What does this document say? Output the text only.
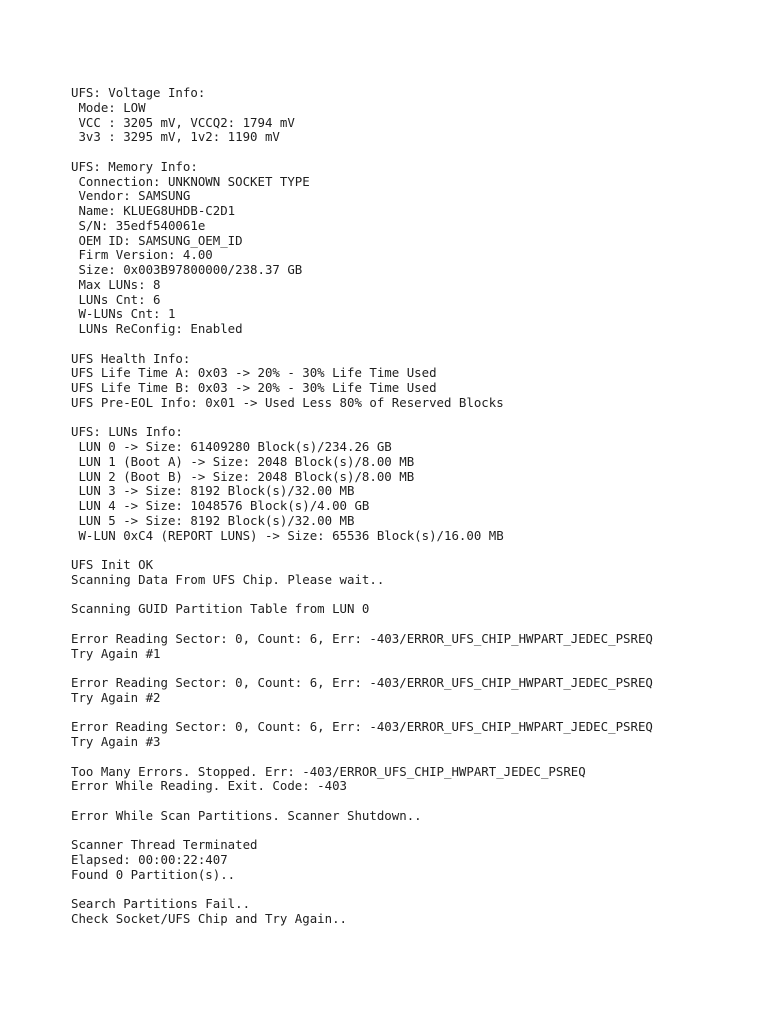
UFS: Voltage Info:
Mode: LOW
VCC : 3205 mV, VCCQ2: 1794 mV
3v3 : 3295 mV, 1v2: 1190 mV
UFS: Memory Info:
Connection: UNKNOWN SOCKET TYPE
Vendor: SAMSUNG
Name: KLUEG8UHDB-C2D1
S/N: 35edf540061e
OEM ID: SAMSUNG_OEM_ID
Firm Version: 4.00
Size: 0x003B97800000/238.37 GB
Max LUNs: 8
LUNs Cnt: 6
W-LUNs Cnt: 1
LUNs ReConfig: Enabled
UFS Health Info:
UFS Life Time A: 0x03 -> 20% - 30% Life Time Used
UFS Life Time B: 0x03 -> 20% - 30% Life Time Used
UFS Pre-EOL Info: 0x01 -> Used Less 80% of Reserved Blocks
UFS: LUNs Info:
LUN 0 -> Size: 61409280 Block(s)/234.26 GB
LUN 1 (Boot A) -> Size: 2048 Block(s)/8.00 MB
LUN 2 (Boot B) -> Size: 2048 Block(s)/8.00 MB
LUN 3 -> Size: 8192 Block(s)/32.00 MB
LUN 4 -> Size: 1048576 Block(s)/4.00 GB
LUN 5 -> Size: 8192 Block(s)/32.00 MB
W-LUN 0xC4 (REPORT LUNS) -> Size: 65536 Block(s)/16.00 MB
UFS Init OK
Scanning Data From UFS Chip. Please wait..
Scanning GUID Partition Table from LUN 0
Error Reading Sector: 0, Count: 6, Err: -403/ERROR_UFS_CHIP_HWPART_JEDEC_PSREQ
Try Again #1
Error Reading Sector: 0, Count: 6, Err: -403/ERROR_UFS_CHIP_HWPART_JEDEC_PSREQ
Try Again #2
Error Reading Sector: 0, Count: 6, Err: -403/ERROR_UFS_CHIP_HWPART_JEDEC_PSREQ
Try Again #3
Too Many Errors. Stopped. Err: -403/ERROR_UFS_CHIP_HWPART_JEDEC_PSREQ
Error While Reading. Exit. Code: -403
Error While Scan Partitions. Scanner Shutdown..
Scanner Thread Terminated
Elapsed: 00:00:22:407
Found 0 Partition(s)..
Search Partitions Fail..
Check Socket/UFS Chip and Try Again..
